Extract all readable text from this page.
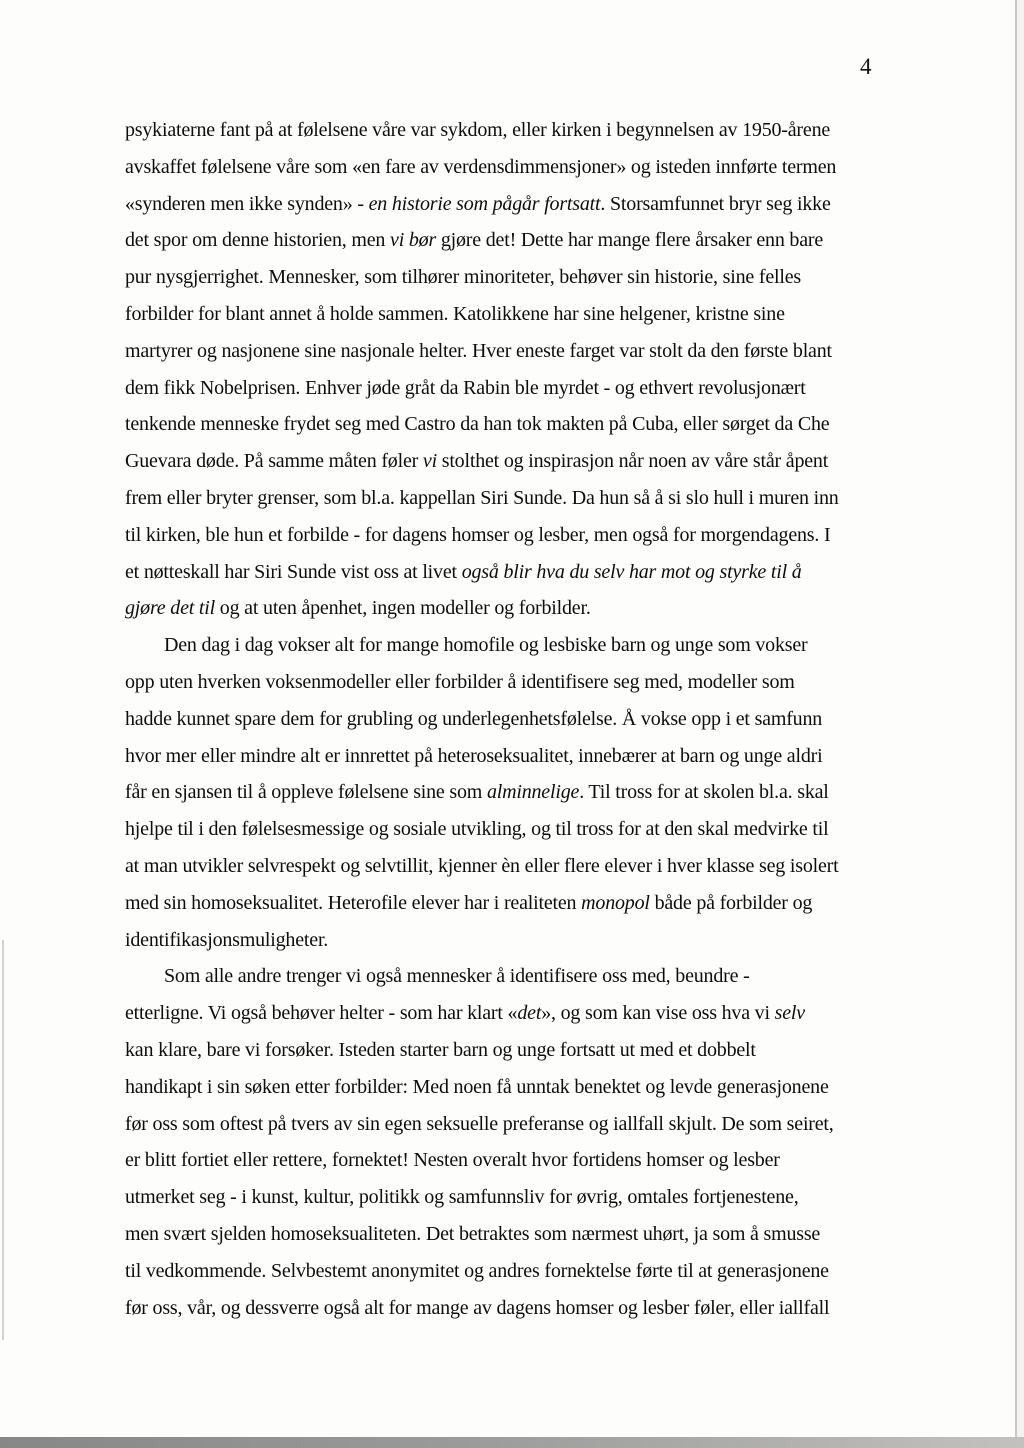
4
psykiaterne fant på at følelsene våre var sykdom, eller kirken i begynnelsen av 1950-årene
avskaffet følelsene våre som «en fare av verdensdimmensjoner» og isteden innførte termen
«synderen men ikke synden» - en historie som pågår fortsatt. Storsamfunnet bryr seg ikke
det spor om denne historien, men vi bør gjøre det! Dette har mange flere årsaker enn bare
pur nysgjerrighet. Mennesker, som tilhører minoriteter, behøver sin historie, sine felles
forbilder for blant annet å holde sammen. Katolikkene har sine helgener, kristne sine
martyrer og nasjonene sine nasjonale helter. Hver eneste farget var stolt da den første blant
dem fikk Nobelprisen. Enhver jøde gråt da Rabin ble myrdet - og ethvert revolusjonært
tenkende menneske frydet seg med Castro da han tok makten på Cuba, eller sørget da Che
Guevara døde. På samme måten føler vi stolthet og inspirasjon når noen av våre står åpent
frem eller bryter grenser, som bl.a. kappellan Siri Sunde. Da hun så å si slo hull i muren inn
til kirken, ble hun et forbilde - for dagens homser og lesber, men også for morgendagens. I
et nøtteskall har Siri Sunde vist oss at livet også blir hva du selv har mot og styrke til å
gjøre det til og at uten åpenhet, ingen modeller og forbilder.
Den dag i dag vokser alt for mange homofile og lesbiske barn og unge som vokser
opp uten hverken voksenmodeller eller forbilder å identifisere seg med, modeller som
hadde kunnet spare dem for grubling og underlegenhetsfølelse. Å vokse opp i et samfunn
hvor mer eller mindre alt er innrettet på heteroseksualitet, innebærer at barn og unge aldri
får en sjansen til å oppleve følelsene sine som alminnelige. Til tross for at skolen bl.a. skal
hjelpe til i den følelsesmessige og sosiale utvikling, og til tross for at den skal medvirke til
at man utvikler selvrespekt og selvtillit, kjenner èn eller flere elever i hver klasse seg isolert
med sin homoseksualitet. Heterofile elever har i realiteten monopol både på forbilder og
identifikasjonsmuligheter.
Som alle andre trenger vi også mennesker å identifisere oss med, beundre -
etterligne. Vi også behøver helter - som har klart «det», og som kan vise oss hva vi selv
kan klare, bare vi forsøker. Isteden starter barn og unge fortsatt ut med et dobbelt
handikapt i sin søken etter forbilder: Med noen få unntak benektet og levde generasjonene
før oss som oftest på tvers av sin egen seksuelle preferanse og iallfall skjult. De som seiret,
er blitt fortiet eller rettere, fornektet! Nesten overalt hvor fortidens homser og lesber
utmerket seg - i kunst, kultur, politikk og samfunnsliv for øvrig, omtales fortjenestene,
men svært sjelden homoseksualiteten. Det betraktes som nærmest uhørt, ja som å smusse
til vedkommende. Selvbestemt anonymitet og andres fornektelse førte til at generasjonene
før oss, vår, og dessverre også alt for mange av dagens homser og lesber føler, eller iallfall
